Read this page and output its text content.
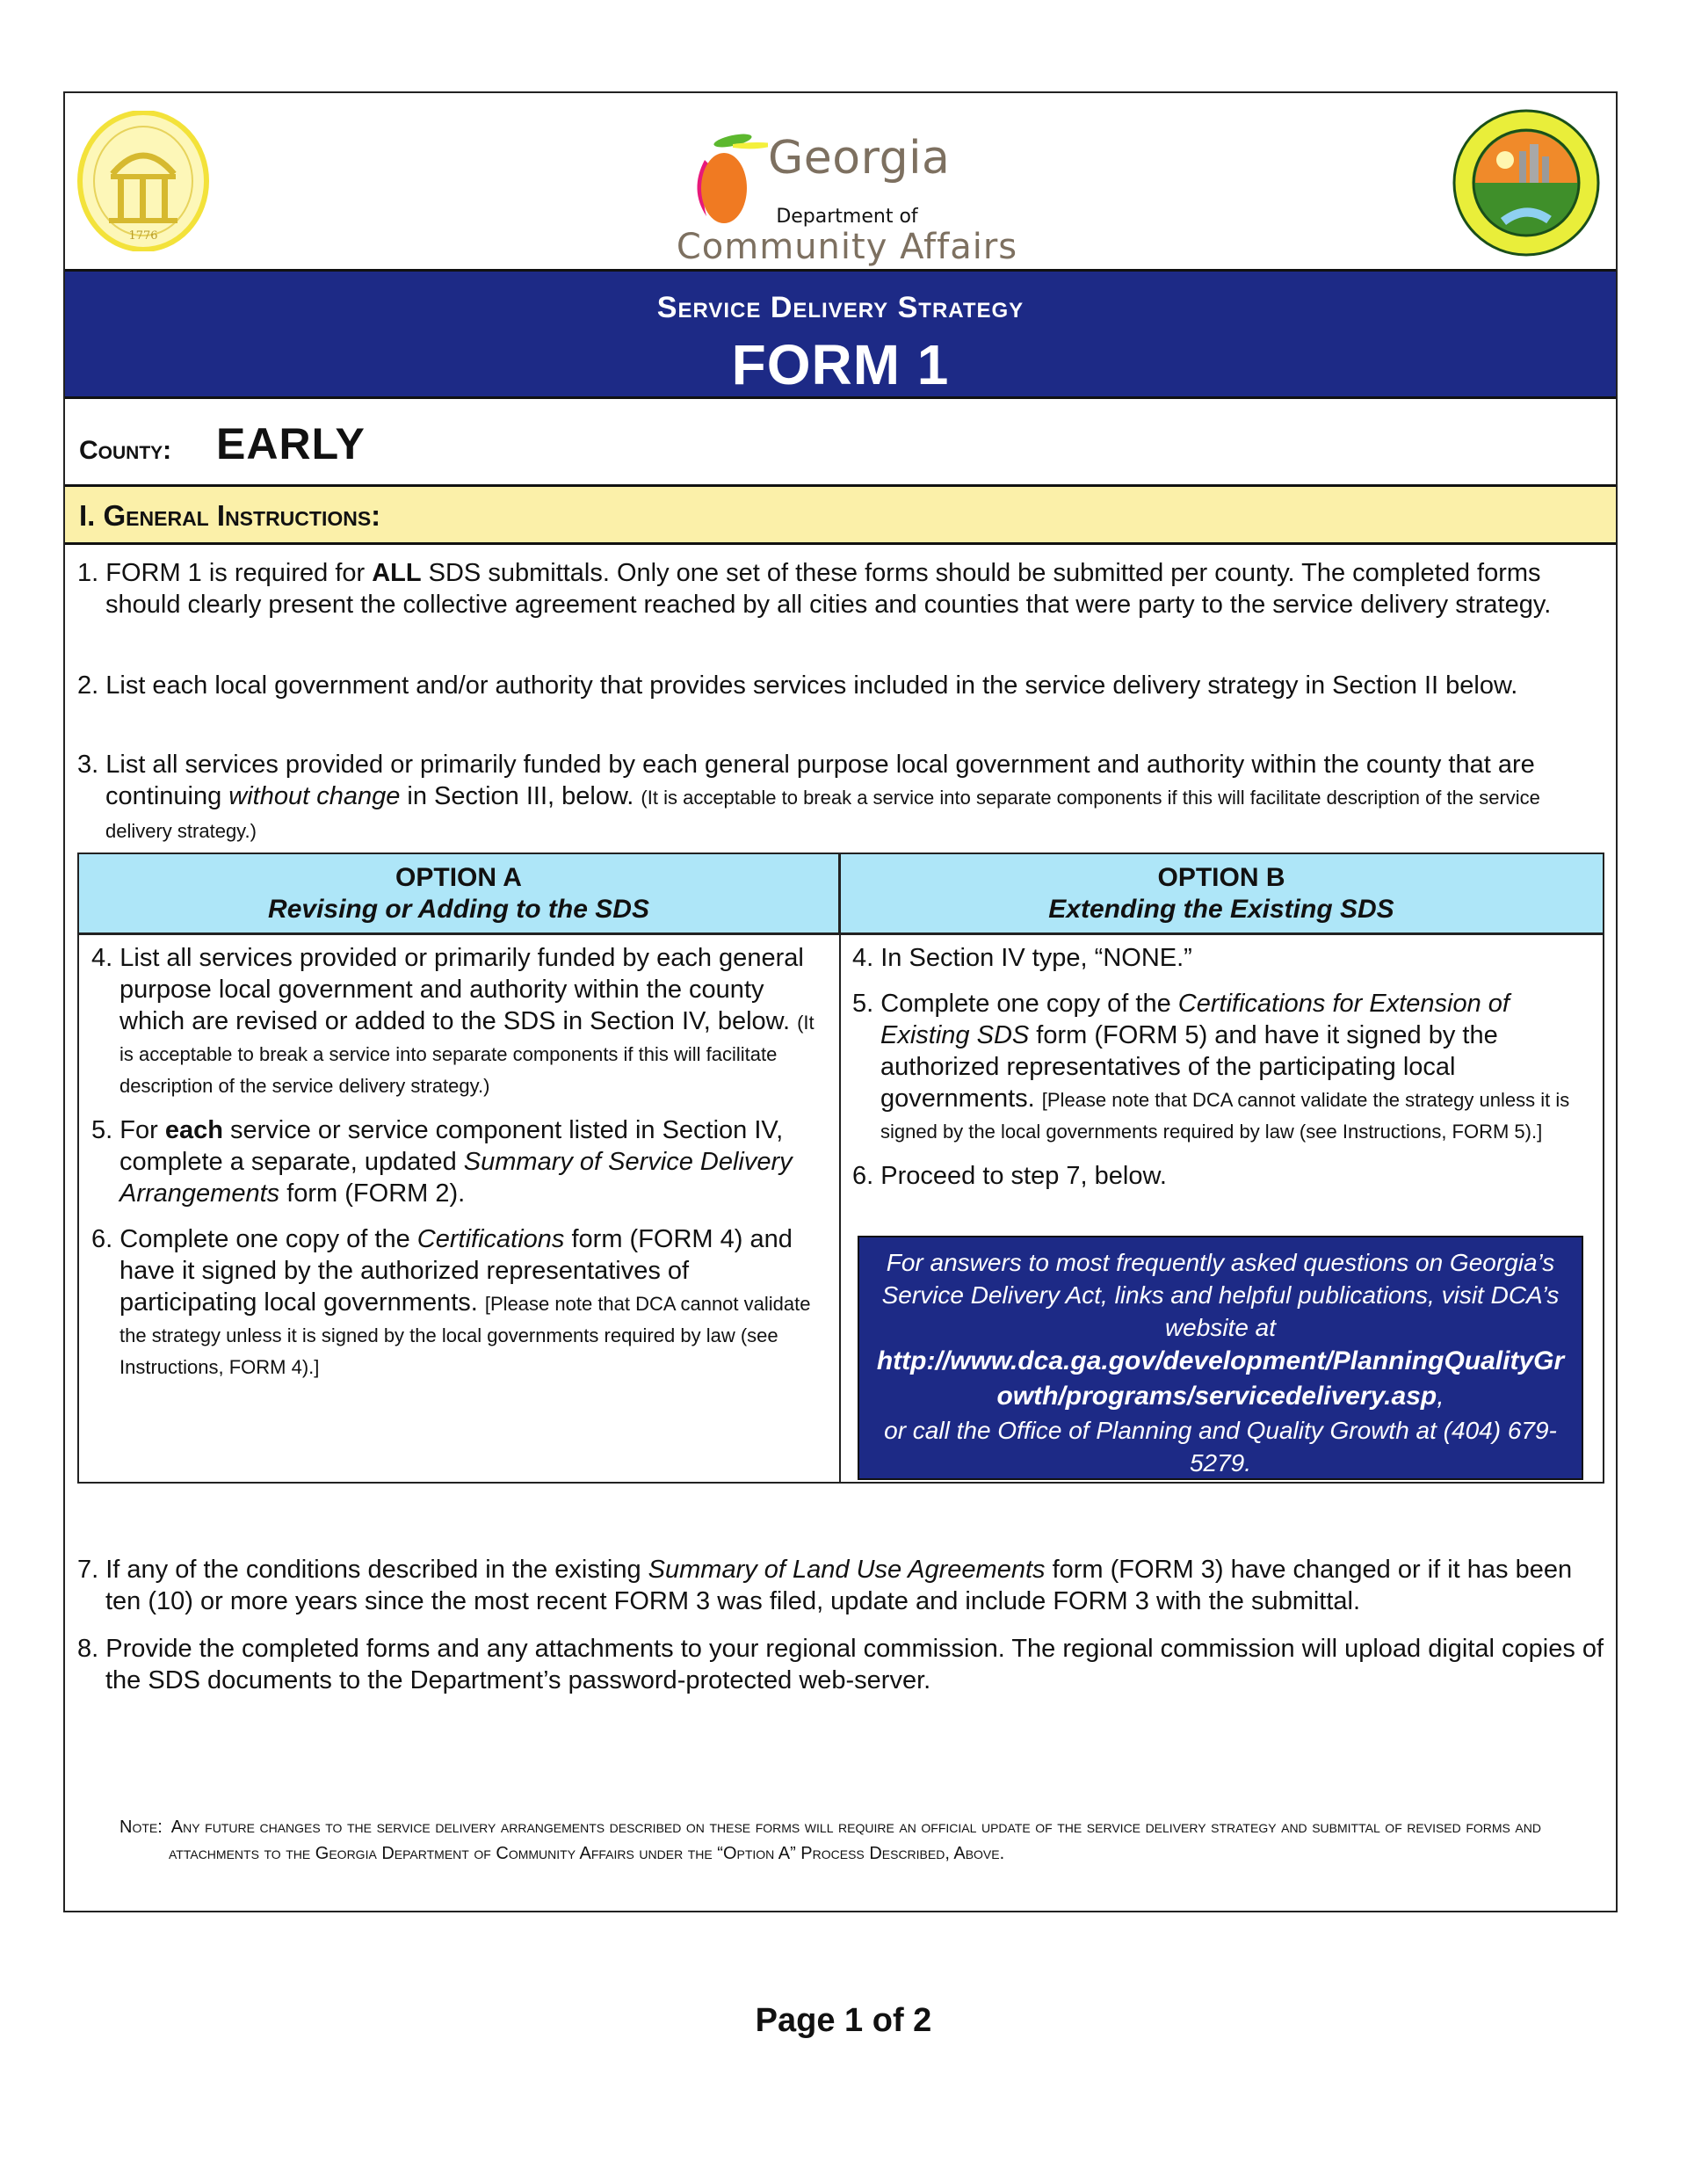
1776
Georgia
Department of
Community Affairs
Service Delivery Strategy
FORM 1
County: EARLY
I. General Instructions:
1. FORM 1 is required for ALL SDS submittals. Only one set of these forms should be submitted per county. The completed forms should clearly present the collective agreement reached by all cities and counties that were party to the service delivery strategy.
2. List each local government and/or authority that provides services included in the service delivery strategy in Section II below.
3. List all services provided or primarily funded by each general purpose local government and authority within the county that are continuing without change in Section III, below. (It is acceptable to break a service into separate components if this will facilitate description of the service delivery strategy.)
OPTION A
Revising or Adding to the SDS
OPTION B
Extending the Existing SDS
4. List all services provided or primarily funded by each general purpose local government and authority within the county which are revised or added to the SDS in Section IV, below. (It is acceptable to break a service into separate components if this will facilitate description of the service delivery strategy.)
5. For each service or service component listed in Section IV, complete a separate, updated Summary of Service Delivery Arrangements form (FORM 2).
6. Complete one copy of the Certifications form (FORM 4) and have it signed by the authorized representatives of participating local governments. [Please note that DCA cannot validate the strategy unless it is signed by the local governments required by law (see Instructions, FORM 4).]
4. In Section IV type, “NONE.”
5. Complete one copy of the Certifications for Extension of Existing SDS form (FORM 5) and have it signed by the authorized representatives of the participating local governments. [Please note that DCA cannot validate the strategy unless it is signed by the local governments required by law (see Instructions, FORM 5).]
6. Proceed to step 7, below.
For answers to most frequently asked questions on Georgia’s Service Delivery Act, links and helpful publications, visit DCA’s website at
http://www.dca.ga.gov/development/PlanningQualityGrowth/programs/servicedelivery.asp,
or call the Office of Planning and Quality Growth at (404) 679-5279.
7. If any of the conditions described in the existing Summary of Land Use Agreements form (FORM 3) have changed or if it has been ten (10) or more years since the most recent FORM 3 was filed, update and include FORM 3 with the submittal.
8. Provide the completed forms and any attachments to your regional commission. The regional commission will upload digital copies of the SDS documents to the Department’s password-protected web-server.
Note: Any future changes to the service delivery arrangements described on these forms will require an official update of the service delivery strategy and submittal of revised forms and attachments to the Georgia Department of Community Affairs under the “Option A” Process Described, Above.
Page 1 of 2
